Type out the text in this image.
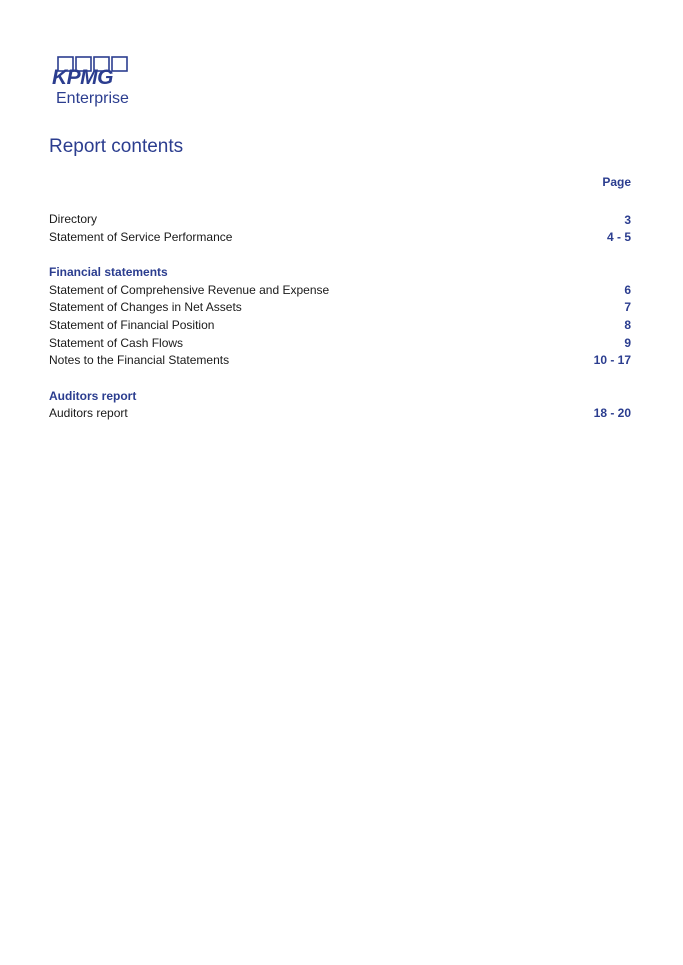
KPMG
Enterprise
Report contents
Page
Directory	3
Statement of Service Performance	4 - 5
Financial statements
Statement of Comprehensive Revenue and Expense	6
Statement of Changes in Net Assets	7
Statement of Financial Position	8
Statement of Cash Flows	9
Notes to the Financial Statements	10 - 17
Auditors report
Auditors report	18 - 20
